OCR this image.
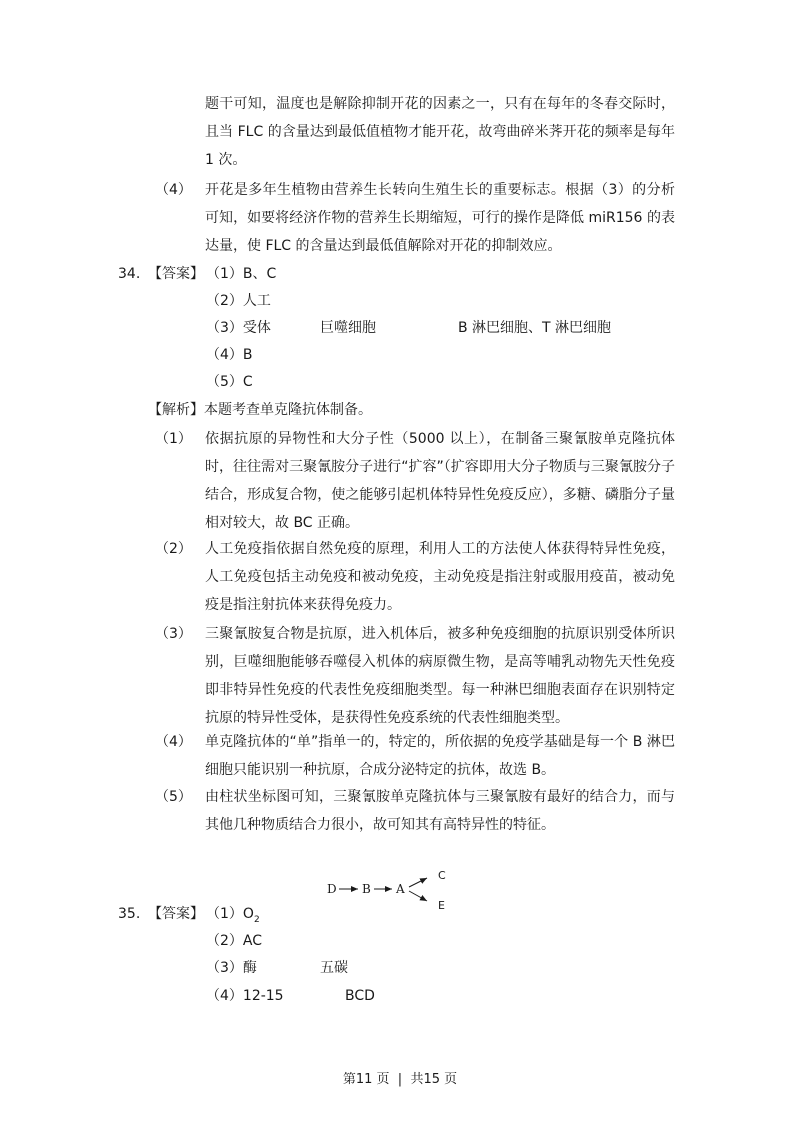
题干可知，温度也是解除抑制开花的因素之一，只有在每年的冬春交际时，且当 FLC 的含量达到最低值植物才能开花，故弯曲碎米荠开花的频率是每年 1 次。
（4） 开花是多年生植物由营养生长转向生殖生长的重要标志。根据（3）的分析可知，如要将经济作物的营养生长期缩短，可行的操作是降低 miR156 的表达量，使 FLC 的含量达到最低值解除对开花的抑制效应。
34. 【答案】 （1）B、C
（2）人工
（3）受体	巨噬细胞	B 淋巴细胞、T 淋巴细胞
（4）B
（5）C
【解析】本题考查单克隆抗体制备。
（1） 依据抗原的异物性和大分子性（5000 以上），在制备三聚氰胺单克隆抗体时，往往需对三聚氰胺分子进行“扩容”（扩容即用大分子物质与三聚氰胺分子结合，形成复合物，使之能够引起机体特异性免疫反应），多糖、磷脂分子量相对较大，故 BC 正确。
（2） 人工免疫指依据自然免疫的原理，利用人工的方法使人体获得特异性免疫，人工免疫包括主动免疫和被动免疫，主动免疫是指注射或服用疫苗，被动免疫是指注射抗体来获得免疫力。
（3） 三聚氰胺复合物是抗原，进入机体后，被多种免疫细胞的抗原识别受体所识别，巨噬细胞能够吞噬侵入机体的病原微生物，是高等哺乳动物先天性免疫即非特异性免疫的代表性免疫细胞类型。每一种淋巴细胞表面存在识别特定抗原的特异性受体，是获得性免疫系统的代表性细胞类型。
（4） 单克隆抗体的“单”指单一的，特定的，所依据的免疫学基础是每一个 B 淋巴细胞只能识别一种抗原，合成分泌特定的抗体，故选 B。
（5） 由柱状坐标图可知，三聚氰胺单克隆抗体与三聚氰胺有最好的结合力，而与其他几种物质结合力很小，故可知其有高特异性的特征。
D B A
C
E
35. 【答案】 $(1)O_2$
（2）AC
（3）酶	五碳
（4）12-15	BCD
第11 页  |  共15 页
